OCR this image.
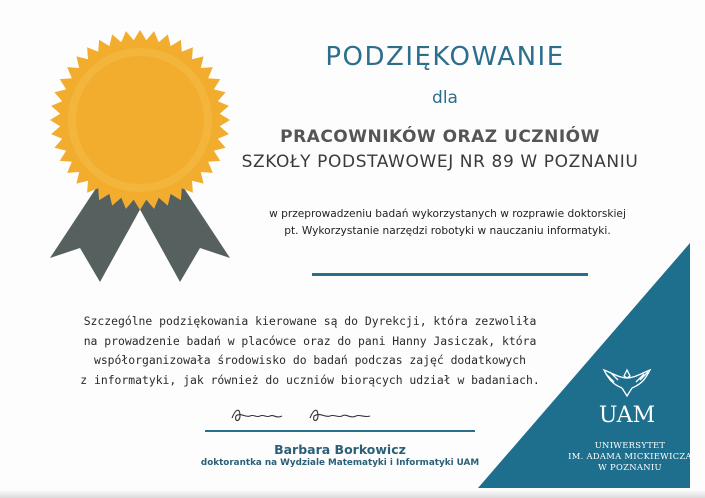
PODZIĘKOWANIE
dla
PRACOWNIKÓW ORAZ UCZNIÓW
SZKOŁY PODSTAWOWEJ NR 89 W POZNANIU
w przeprowadzeniu badań wykorzystanych w rozprawie doktorskiej
pt. Wykorzystanie narzędzi robotyki w nauczaniu informatyki.
Szczególne podziękowania kierowane są do Dyrekcji, która zezwoliła
na prowadzenie badań w placówce oraz do pani Hanny Jasiczak, która
współorganizowała środowisko do badań podczas zajęć dodatkowych
z informatyki, jak również do uczniów biorących udział w badaniach.
Barbara Borkowicz
doktorantka na Wydziale Matematyki i Informatyki UAM
UAM
UNIWERSYTET
IM. ADAMA MICKIEWICZA
W POZNANIU
